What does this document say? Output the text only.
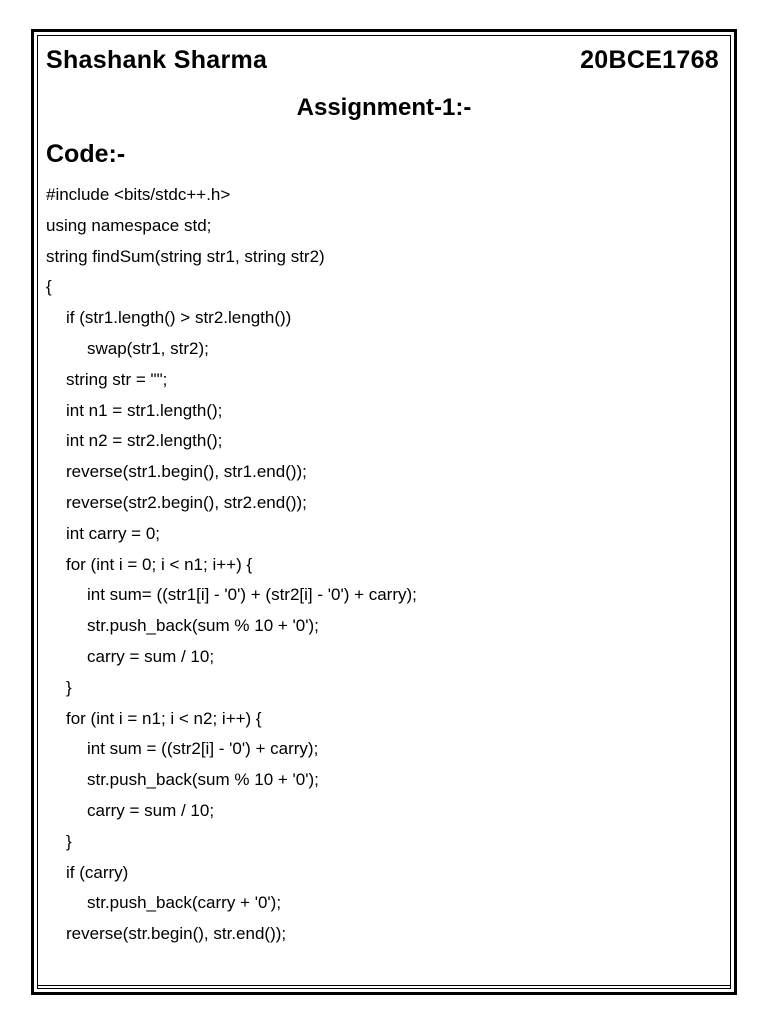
Shashank Sharma	20BCE1768
Assignment-1:-
Code:-
#include <bits/stdc++.h>
using namespace std;
string findSum(string str1, string str2)
{
if (str1.length() > str2.length())
swap(str1, str2);
string str = "";
int n1 = str1.length();
int n2 = str2.length();
reverse(str1.begin(), str1.end());
reverse(str2.begin(), str2.end());
int carry = 0;
for (int i = 0; i < n1; i++) {
int sum= ((str1[i] - '0') + (str2[i] - '0') + carry);
str.push_back(sum % 10 + '0');
carry = sum / 10;
}
for (int i = n1; i < n2; i++) {
int sum = ((str2[i] - '0') + carry);
str.push_back(sum % 10 + '0');
carry = sum / 10;
}
if (carry)
str.push_back(carry + '0');
reverse(str.begin(), str.end());
